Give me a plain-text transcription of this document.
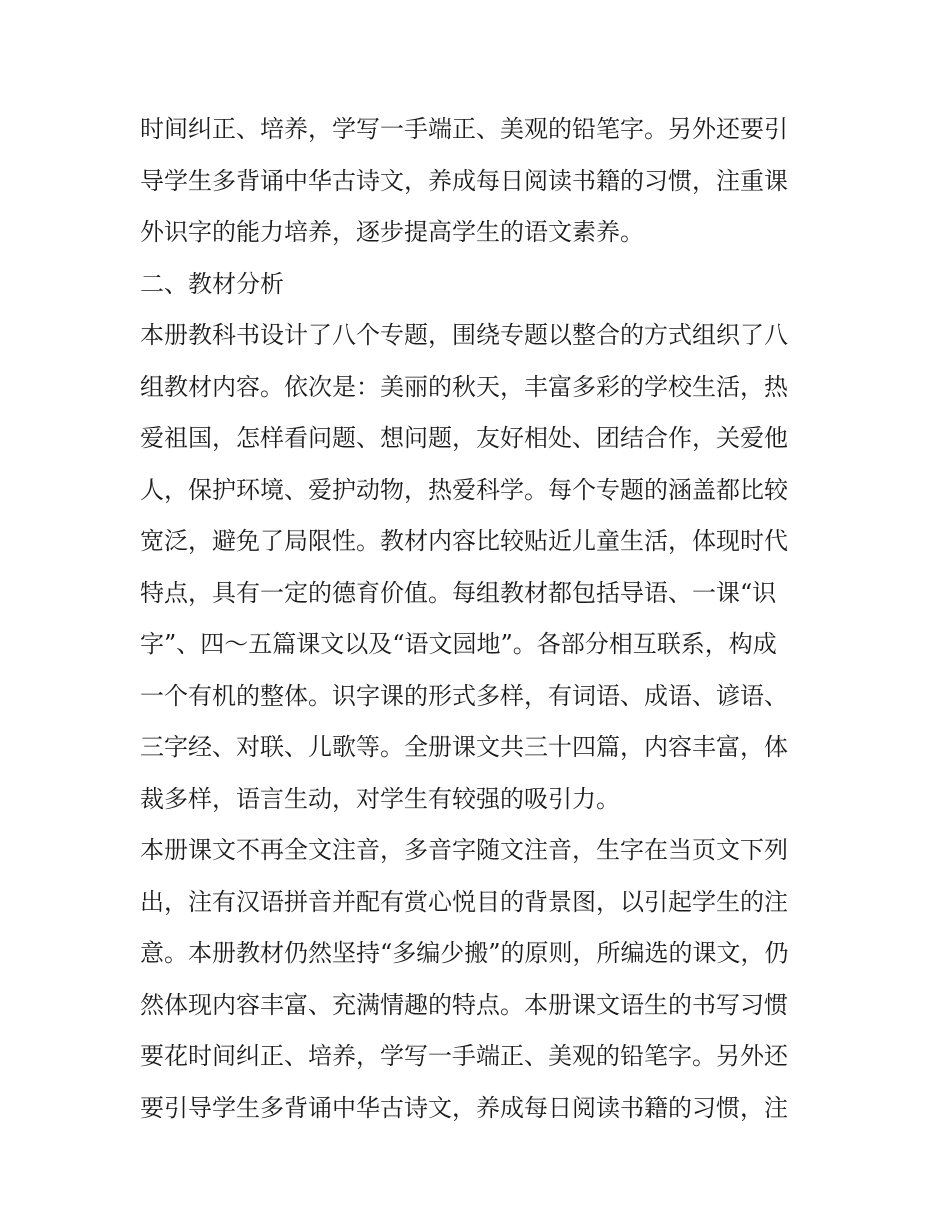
时间纠正、培养，学写一手端正、美观的铅笔字。另外还要引
导学生多背诵中华古诗文，养成每日阅读书籍的习惯，注重课
外识字的能力培养，逐步提高学生的语文素养。
二、教材分析
本册教科书设计了八个专题，围绕专题以整合的方式组织了八
组教材内容。依次是：美丽的秋天，丰富多彩的学校生活，热
爱祖国，怎样看问题、想问题，友好相处、团结合作，关爱他
人，保护环境、爱护动物，热爱科学。每个专题的涵盖都比较
宽泛，避免了局限性。教材内容比较贴近儿童生活，体现时代
特点，具有一定的德育价值。每组教材都包括导语、一课“识
字”、四～五篇课文以及“语文园地”。各部分相互联系，构成
一个有机的整体。识字课的形式多样，有词语、成语、谚语、
三字经、对联、儿歌等。全册课文共三十四篇，内容丰富，体
裁多样，语言生动，对学生有较强的吸引力。
本册课文不再全文注音，多音字随文注音，生字在当页文下列
出，注有汉语拼音并配有赏心悦目的背景图，以引起学生的注
意。本册教材仍然坚持“多编少搬”的原则，所编选的课文，仍
然体现内容丰富、充满情趣的特点。本册课文语生的书写习惯
要花时间纠正、培养，学写一手端正、美观的铅笔字。另外还
要引导学生多背诵中华古诗文，养成每日阅读书籍的习惯，注
